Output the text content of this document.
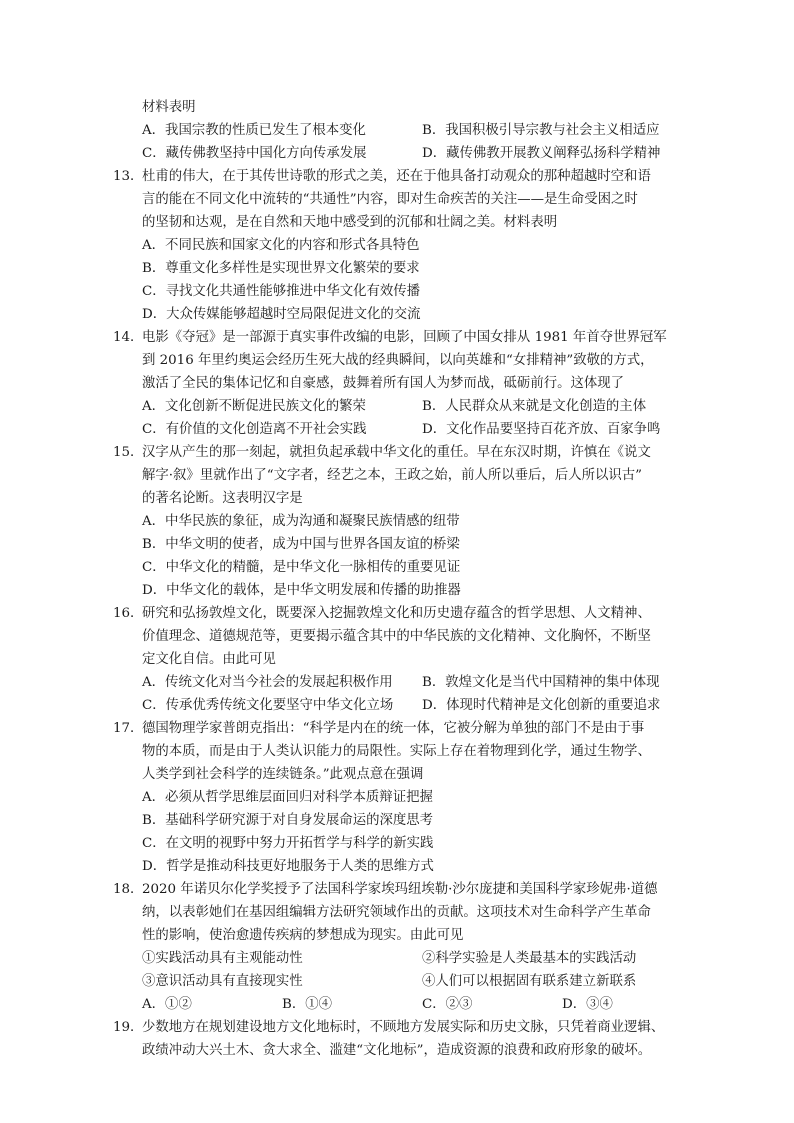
材料表明
A．我国宗教的性质已发生了根本变化	B．我国积极引导宗教与社会主义相适应
C．藏传佛教坚持中国化方向传承发展	D．藏传佛教开展教义阐释弘扬科学精神
13．
杜甫的伟大，在于其传世诗歌的形式之美，还在于他具备打动观众的那种超越时空和语
言的能在不同文化中流转的“共通性”内容，即对生命疾苦的关注——是生命受困之时
的坚韧和达观，是在自然和天地中感受到的沉郁和壮阔之美。材料表明
A．不同民族和国家文化的内容和形式各具特色
B．尊重文化多样性是实现世界文化繁荣的要求
C．寻找文化共通性能够推进中华文化有效传播
D．大众传媒能够超越时空局限促进文化的交流
14．
电影《夺冠》是一部源于真实事件改编的电影，回顾了中国女排从 1981 年首夺世界冠军
到 2016 年里约奥运会经历生死大战的经典瞬间，以向英雄和“女排精神”致敬的方式，
激活了全民的集体记忆和自豪感，鼓舞着所有国人为梦而战，砥砺前行。这体现了
A．文化创新不断促进民族文化的繁荣	B．人民群众从来就是文化创造的主体
C．有价值的文化创造离不开社会实践	D．文化作品要坚持百花齐放、百家争鸣
15．
汉字从产生的那一刻起，就担负起承载中华文化的重任。早在东汉时期，许慎在《说文
解字·叙》里就作出了“文字者，经艺之本，王政之始，前人所以垂后，后人所以识古”
的著名论断。这表明汉字是
A．中华民族的象征，成为沟通和凝聚民族情感的纽带
B．中华文明的使者，成为中国与世界各国友谊的桥梁
C．中华文化的精髓，是中华文化一脉相传的重要见证
D．中华文化的载体，是中华文明发展和传播的助推器
16．
研究和弘扬敦煌文化，既要深入挖掘敦煌文化和历史遗存蕴含的哲学思想、人文精神、
价值理念、道德规范等，更要揭示蕴含其中的中华民族的文化精神、文化胸怀，不断坚
定文化自信。由此可见
A．传统文化对当今社会的发展起积极作用 B．敦煌文化是当代中国精神的集中体现
C．传承优秀传统文化要坚守中华文化立场 D．体现时代精神是文化创新的重要追求
17．
德国物理学家普朗克指出：“科学是内在的统一体，它被分解为单独的部门不是由于事
物的本质，而是由于人类认识能力的局限性。实际上存在着物理到化学，通过生物学、
人类学到社会科学的连续链条。”此观点意在强调
A．必须从哲学思维层面回归对科学本质辩证把握
B．基础科学研究源于对自身发展命运的深度思考
C．在文明的视野中努力开拓哲学与科学的新实践
D．哲学是推动科技更好地服务于人类的思维方式
18．
2020 年诺贝尔化学奖授予了法国科学家埃玛纽埃勒·沙尔庞捷和美国科学家珍妮弗·道德
纳，以表彰她们在基因组编辑方法研究领域作出的贡献。这项技术对生命科学产生革命
性的影响，使治愈遗传疾病的梦想成为现实。由此可见
①实践活动具有主观能动性	②科学实验是人类最基本的实践活动
③意识活动具有直接现实性	④人们可以根据固有联系建立新联系
A．①②	B．①④	C．②③	D．③④
19．
少数地方在规划建设地方文化地标时，不顾地方发展实际和历史文脉，只凭着商业逻辑、
政绩冲动大兴土木、贪大求全、滥建“文化地标”，造成资源的浪费和政府形象的破坏。
